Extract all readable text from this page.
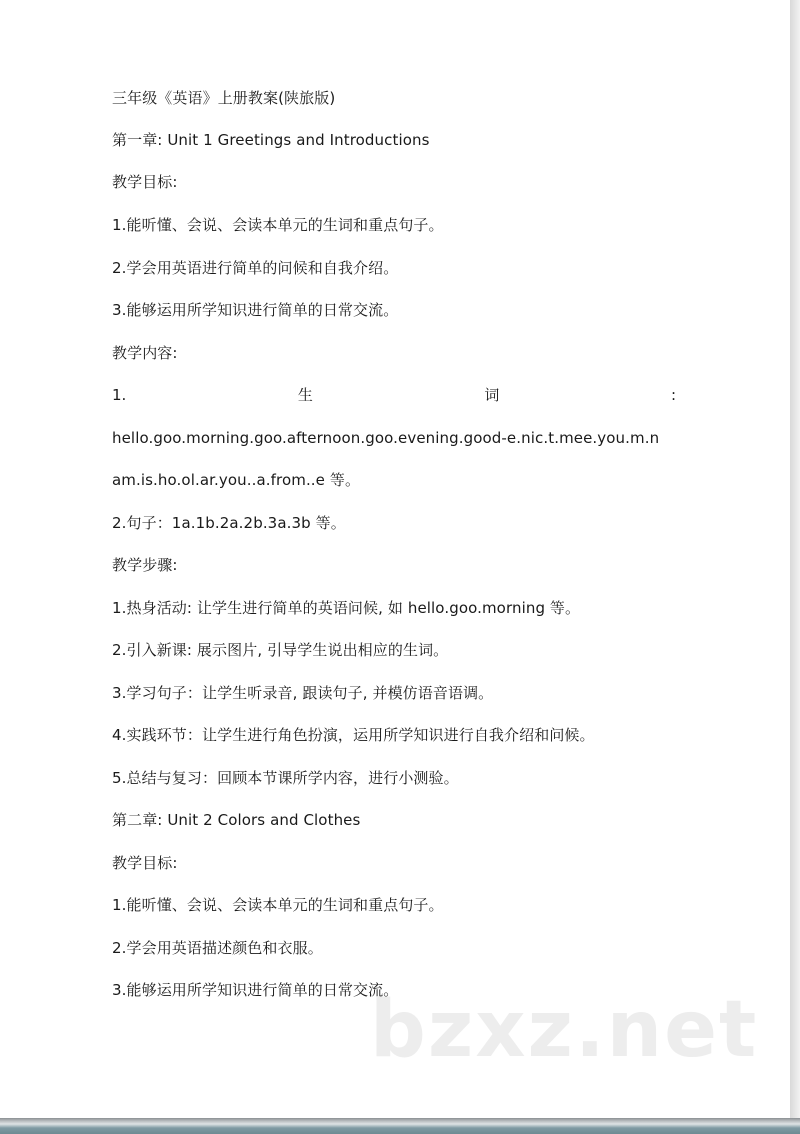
三年级《英语》上册教案(陕旅版)
第一章: Unit 1 Greetings and Introductions
教学目标:
1.能听懂、会说、会读本单元的生词和重点句子。
2.学会用英语进行简单的问候和自我介绍。
3.能够运用所学知识进行简单的日常交流。
教学内容:
1.	生	词	:
hello.goo.morning.goo.afternoon.goo.evening.good-e.nic.t.mee.you.m.n
am.is.ho.ol.ar.you..a.from..e 等。
2.句子：1a.1b.2a.2b.3a.3b 等。
教学步骤:
1.热身活动: 让学生进行简单的英语问候, 如 hello.goo.morning 等。
2.引入新课: 展示图片, 引导学生说出相应的生词。
3.学习句子：让学生听录音, 跟读句子, 并模仿语音语调。
4.实践环节：让学生进行角色扮演，运用所学知识进行自我介绍和问候。
5.总结与复习：回顾本节课所学内容，进行小测验。
第二章: Unit 2 Colors and Clothes
教学目标:
1.能听懂、会说、会读本单元的生词和重点句子。
2.学会用英语描述颜色和衣服。
3.能够运用所学知识进行简单的日常交流。
bzxz.net
